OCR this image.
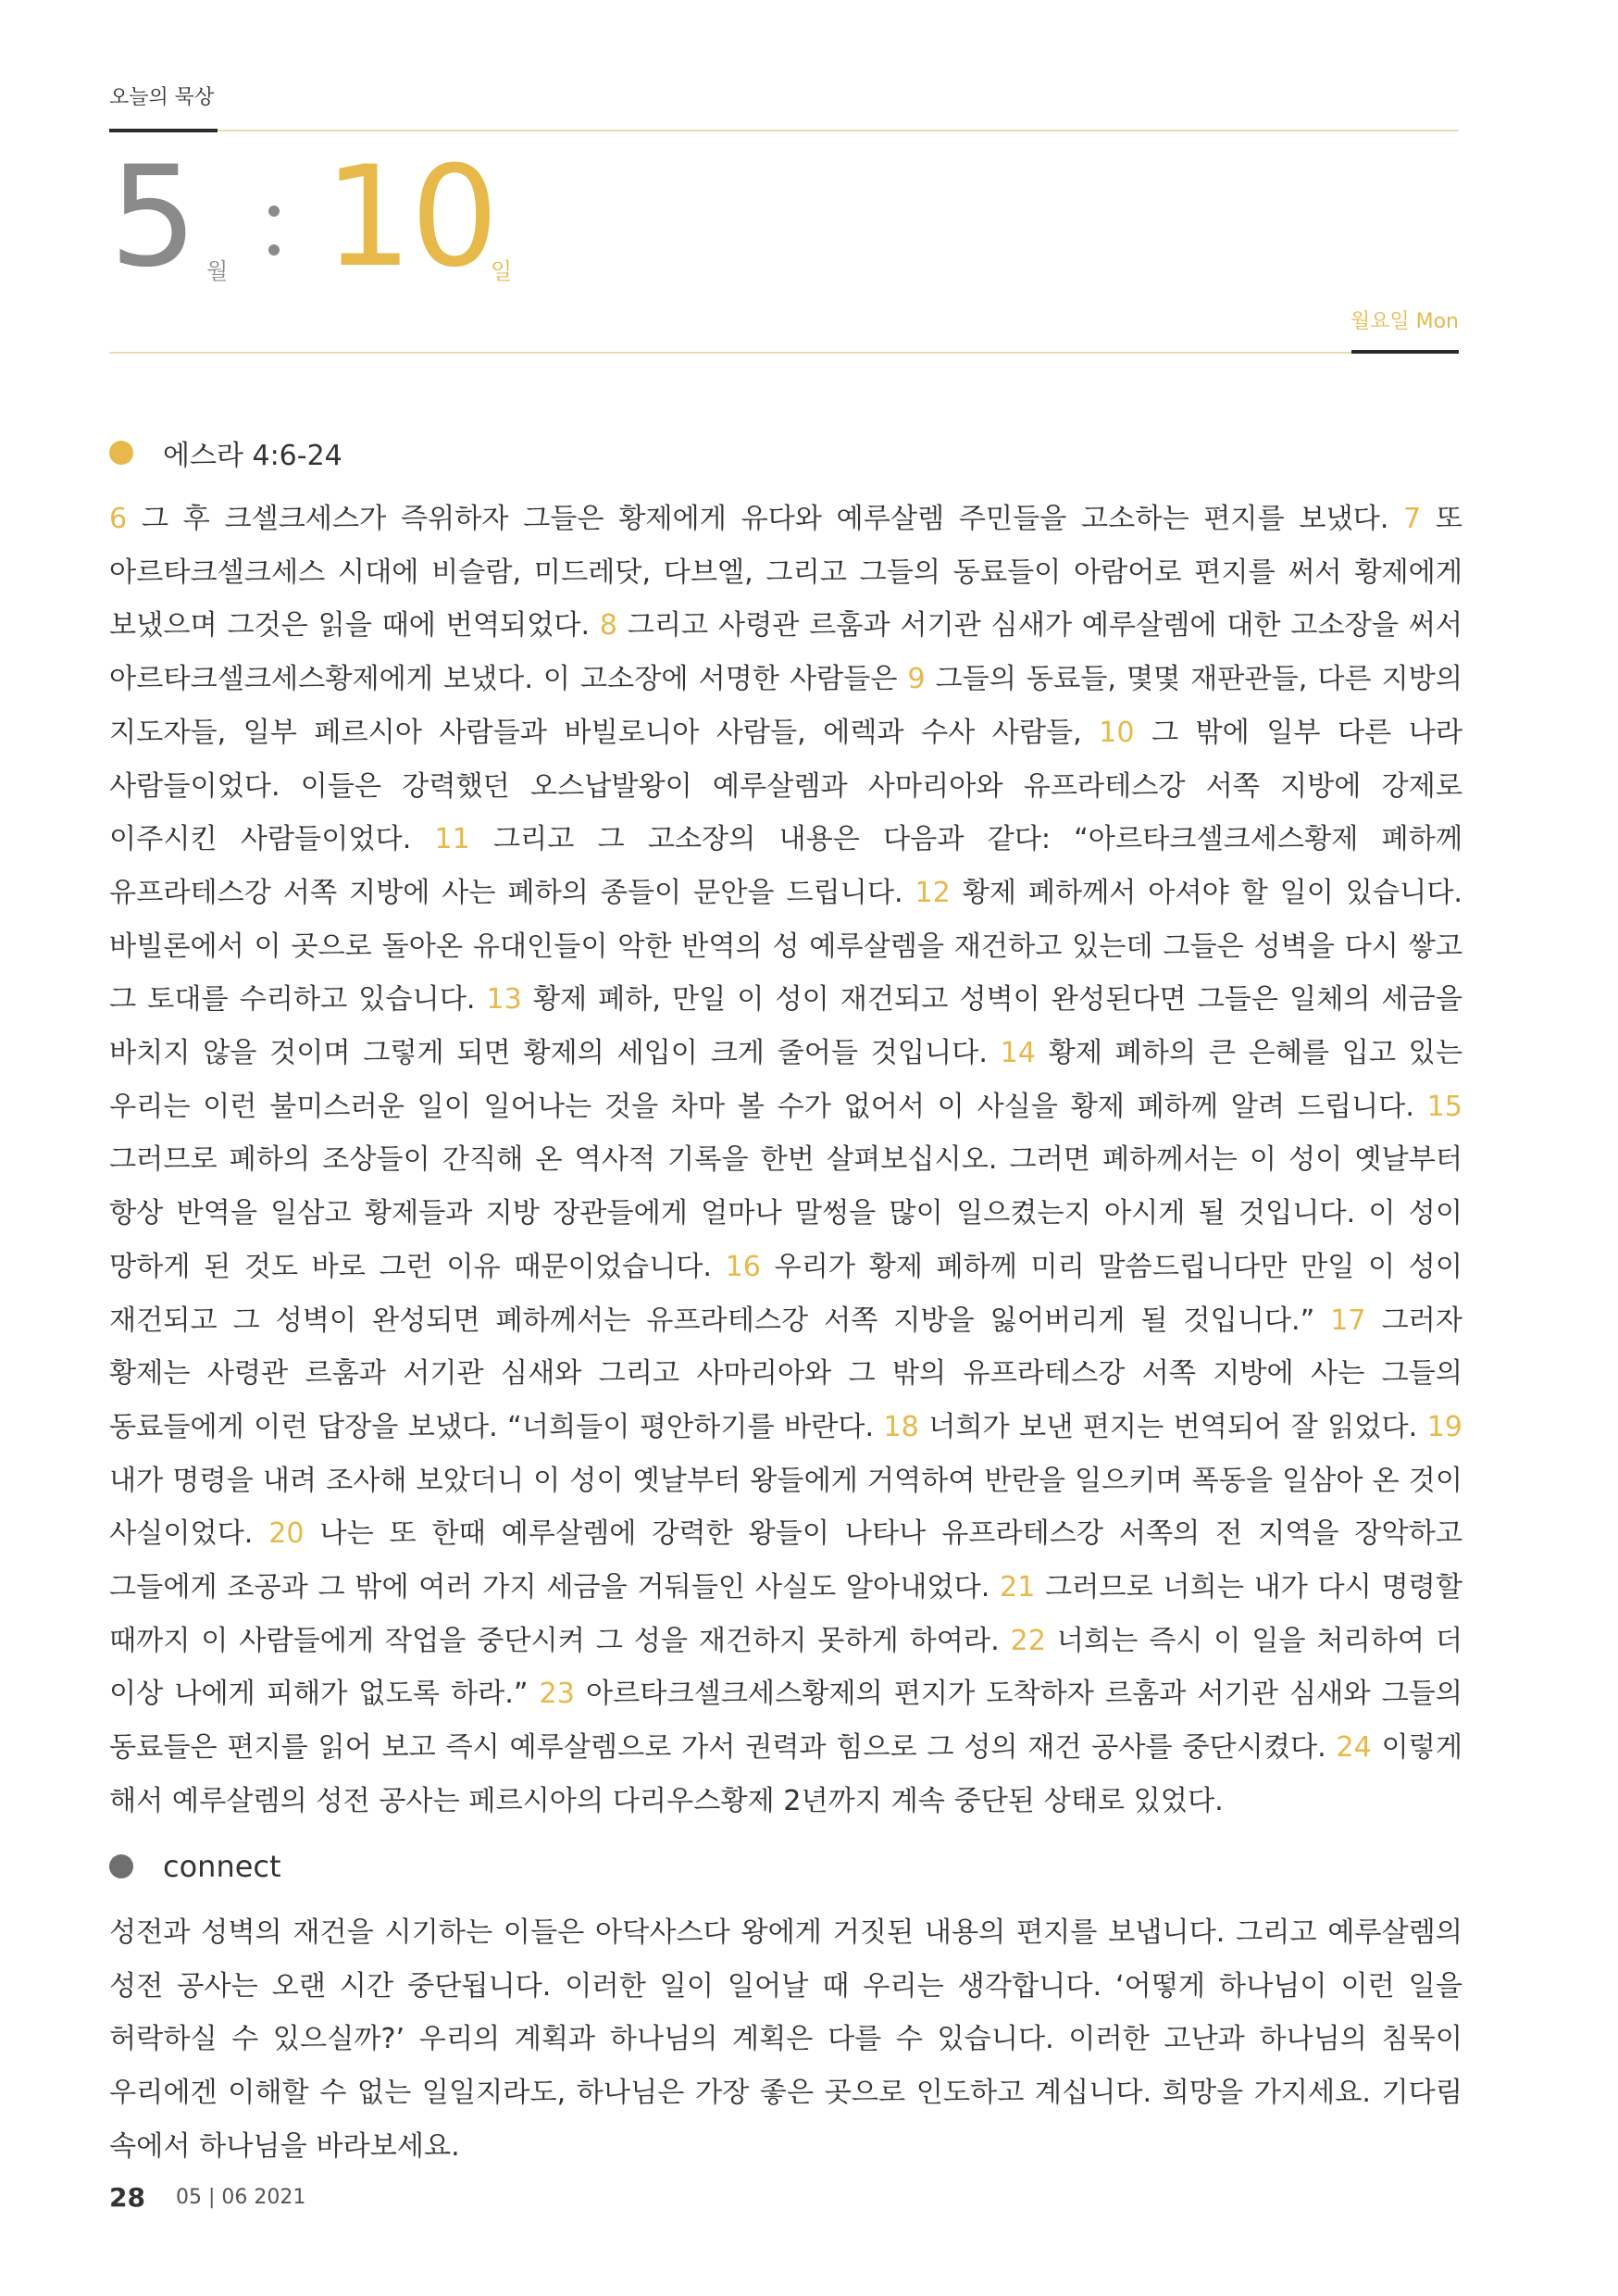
오늘의 묵상
5 월 10
일
월요일 Mon
에스라 4:6-24
6 그 후 크셀크세스가 즉위하자 그들은 황제에게 유다와 예루살렘 주민들을 고소하는 편지를 보냈다. 7 또 아르타크셀크세스 시대에 비슬람, 미드레닷, 다브엘, 그리고 그들의 동료들이 아람어로 편지를 써서 황제에게 보냈으며 그것은 읽을 때에 번역되었다. 8 그리고 사령관 르훔과 서기관 심새가 예루살렘에 대한 고소장을 써서 아르타크셀크세스황제에게 보냈다. 이 고소장에 서명한 사람들은 9 그들의 동료들, 몇몇 재판관들, 다른 지방의 지도자들, 일부 페르시아 사람들과 바빌로니아 사람들, 에렉과 수사 사람들, 10 그 밖에 일부 다른 나라 사람들이었다. 이들은 강력했던 오스납발왕이 예루살렘과 사마리아와 유프라테스강 서쪽 지방에 강제로 이주시킨 사람들이었다. 11 그리고 그 고소장의 내용은 다음과 같다: “아르타크셀크세스황제 폐하께 유프라테스강 서쪽 지방에 사는 폐하의 종들이 문안을 드립니다. 12 황제 폐하께서 아셔야 할 일이 있습니다. 바빌론에서 이 곳으로 돌아온 유대인들이 악한 반역의 성 예루살렘을 재건하고 있는데 그들은 성벽을 다시 쌓고 그 토대를 수리하고 있습니다. 13 황제 폐하, 만일 이 성이 재건되고 성벽이 완성된다면 그들은 일체의 세금을 바치지 않을 것이며 그렇게 되면 황제의 세입이 크게 줄어들 것입니다. 14 황제 폐하의 큰 은혜를 입고 있는 우리는 이런 불미스러운 일이 일어나는 것을 차마 볼 수가 없어서 이 사실을 황제 폐하께 알려 드립니다. 15 그러므로 폐하의 조상들이 간직해 온 역사적 기록을 한번 살펴보십시오. 그러면 폐하께서는 이 성이 옛날부터 항상 반역을 일삼고 황제들과 지방 장관들에게 얼마나 말썽을 많이 일으켰는지 아시게 될 것입니다. 이 성이 망하게 된 것도 바로 그런 이유 때문이었습니다. 16 우리가 황제 폐하께 미리 말씀드립니다만 만일 이 성이 재건되고 그 성벽이 완성되면 폐하께서는 유프라테스강 서쪽 지방을 잃어버리게 될 것입니다.” 17 그러자 황제는 사령관 르훔과 서기관 심새와 그리고 사마리아와 그 밖의 유프라테스강 서쪽 지방에 사는 그들의 동료들에게 이런 답장을 보냈다. “너희들이 평안하기를 바란다. 18 너희가 보낸 편지는 번역되어 잘 읽었다. 19 내가 명령을 내려 조사해 보았더니 이 성이 옛날부터 왕들에게 거역하여 반란을 일으키며 폭동을 일삼아 온 것이 사실이었다. 20 나는 또 한때 예루살렘에 강력한 왕들이 나타나 유프라테스강 서쪽의 전 지역을 장악하고 그들에게 조공과 그 밖에 여러 가지 세금을 거둬들인 사실도 알아내었다. 21 그러므로 너희는 내가 다시 명령할 때까지 이 사람들에게 작업을 중단시켜 그 성을 재건하지 못하게 하여라. 22 너희는 즉시 이 일을 처리하여 더 이상 나에게 피해가 없도록 하라.” 23 아르타크셀크세스황제의 편지가 도착하자 르훔과 서기관 심새와 그들의 동료들은 편지를 읽어 보고 즉시 예루살렘으로 가서 권력과 힘으로 그 성의 재건 공사를 중단시켰다. 24 이렇게 해서 예루살렘의 성전 공사는 페르시아의 다리우스황제 2년까지 계속 중단된 상태로 있었다.
connect
성전과 성벽의 재건을 시기하는 이들은 아닥사스다 왕에게 거짓된 내용의 편지를 보냅니다. 그리고 예루살렘의 성전 공사는 오랜 시간 중단됩니다. 이러한 일이 일어날 때 우리는 생각합니다. ‘어떻게 하나님이 이런 일을 허락하실 수 있으실까?’ 우리의 계획과 하나님의 계획은 다를 수 있습니다. 이러한 고난과 하나님의 침묵이 우리에겐 이해할 수 없는 일일지라도, 하나님은 가장 좋은 곳으로 인도하고 계십니다. 희망을 가지세요. 기다림 속에서 하나님을 바라보세요.
28 05 | 06 2021
